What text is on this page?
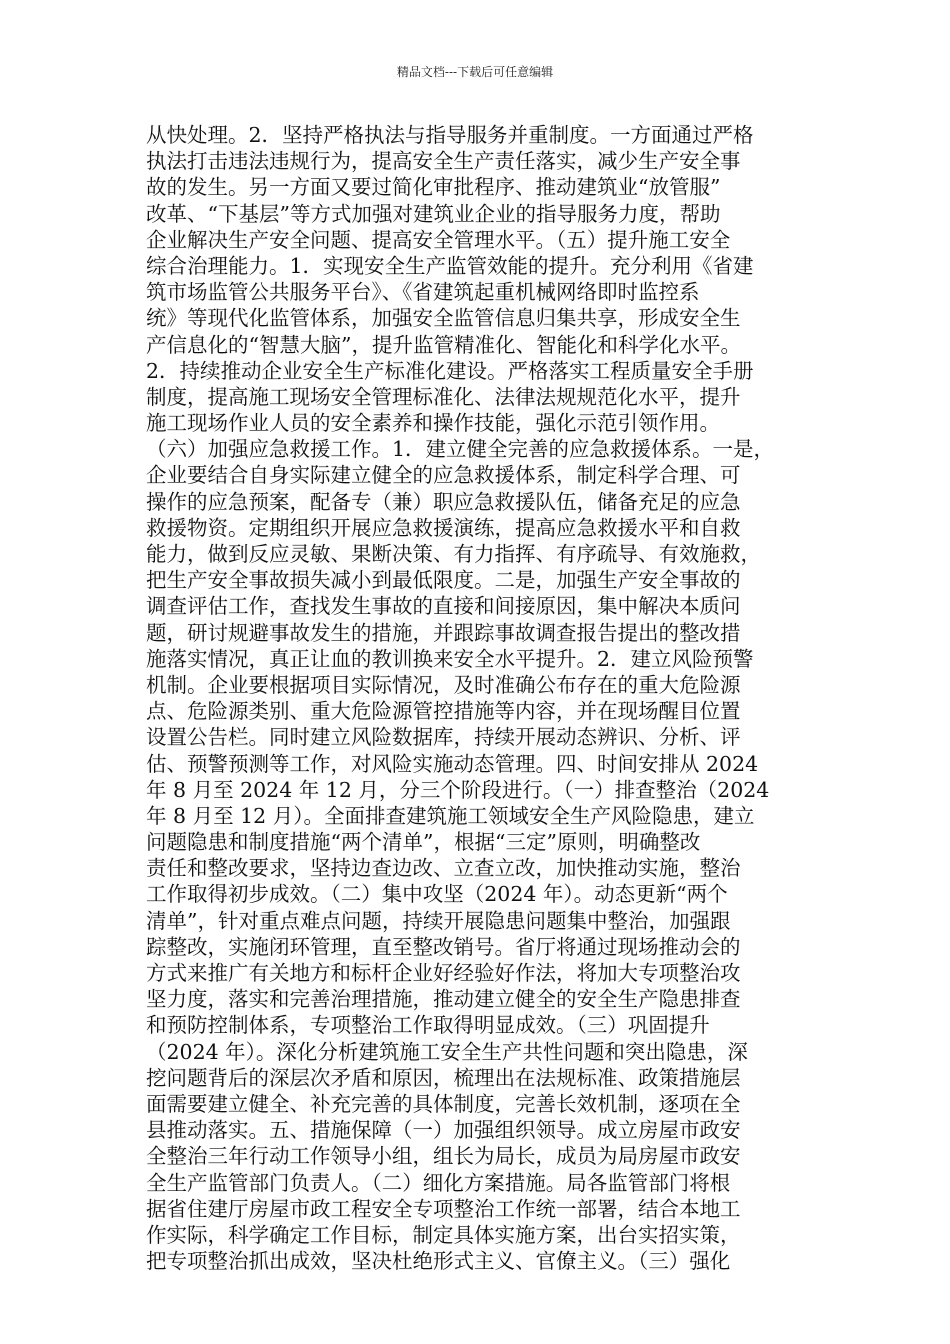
精品文档---下载后可任意编辑
从快处理。2．坚持严格执法与指导服务并重制度。一方面通过严格
执法打击违法违规行为，提高安全生产责任落实，减少生产安全事
故的发生。另一方面又要过简化审批程序、推动建筑业“放管服”
改革、“下基层”等方式加强对建筑业企业的指导服务力度，帮助
企业解决生产安全问题、提高安全管理水平。（五）提升施工安全
综合治理能力。1．实现安全生产监管效能的提升。充分利用《省建
筑市场监管公共服务平台》、《省建筑起重机械网络即时监控系
统》等现代化监管体系，加强安全监管信息归集共享，形成安全生
产信息化的“智慧大脑”，提升监管精准化、智能化和科学化水平。
2．持续推动企业安全生产标准化建设。严格落实工程质量安全手册
制度，提高施工现场安全管理标准化、法律法规规范化水平，提升
施工现场作业人员的安全素养和操作技能，强化示范引领作用。
（六）加强应急救援工作。1．建立健全完善的应急救援体系。一是，
企业要结合自身实际建立健全的应急救援体系，制定科学合理、可
操作的应急预案，配备专（兼）职应急救援队伍，储备充足的应急
救援物资。定期组织开展应急救援演练，提高应急救援水平和自救
能力，做到反应灵敏、果断决策、有力指挥、有序疏导、有效施救，
把生产安全事故损失减小到最低限度。二是，加强生产安全事故的
调查评估工作，查找发生事故的直接和间接原因，集中解决本质问
题，研讨规避事故发生的措施，并跟踪事故调查报告提出的整改措
施落实情况，真正让血的教训换来安全水平提升。2．建立风险预警
机制。企业要根据项目实际情况，及时准确公布存在的重大危险源
点、危险源类别、重大危险源管控措施等内容，并在现场醒目位置
设置公告栏。同时建立风险数据库，持续开展动态辨识、分析、评
估、预警预测等工作，对风险实施动态管理。四、时间安排从 2024
年 8 月至 2024 年 12 月，分三个阶段进行。（一）排查整治（2024
年 8 月至 12 月）。全面排查建筑施工领域安全生产风险隐患，建立
问题隐患和制度措施“两个清单”，根据“三定”原则，明确整改
责任和整改要求，坚持边查边改、立查立改，加快推动实施，整治
工作取得初步成效。（二）集中攻坚（2024 年）。动态更新“两个
清单”，针对重点难点问题，持续开展隐患问题集中整治，加强跟
踪整改，实施闭环管理，直至整改销号。省厅将通过现场推动会的
方式来推广有关地方和标杆企业好经验好作法，将加大专项整治攻
坚力度，落实和完善治理措施，推动建立健全的安全生产隐患排查
和预防控制体系，专项整治工作取得明显成效。（三）巩固提升
（2024 年）。深化分析建筑施工安全生产共性问题和突出隐患，深
挖问题背后的深层次矛盾和原因，梳理出在法规标准、政策措施层
面需要建立健全、补充完善的具体制度，完善长效机制，逐项在全
县推动落实。五、措施保障（一）加强组织领导。成立房屋市政安
全整治三年行动工作领导小组，组长为局长，成员为局房屋市政安
全生产监管部门负责人。（二）细化方案措施。局各监管部门将根
据省住建厅房屋市政工程安全专项整治工作统一部署，结合本地工
作实际，科学确定工作目标，制定具体实施方案，出台实招实策，
把专项整治抓出成效，坚决杜绝形式主义、官僚主义。（三）强化
